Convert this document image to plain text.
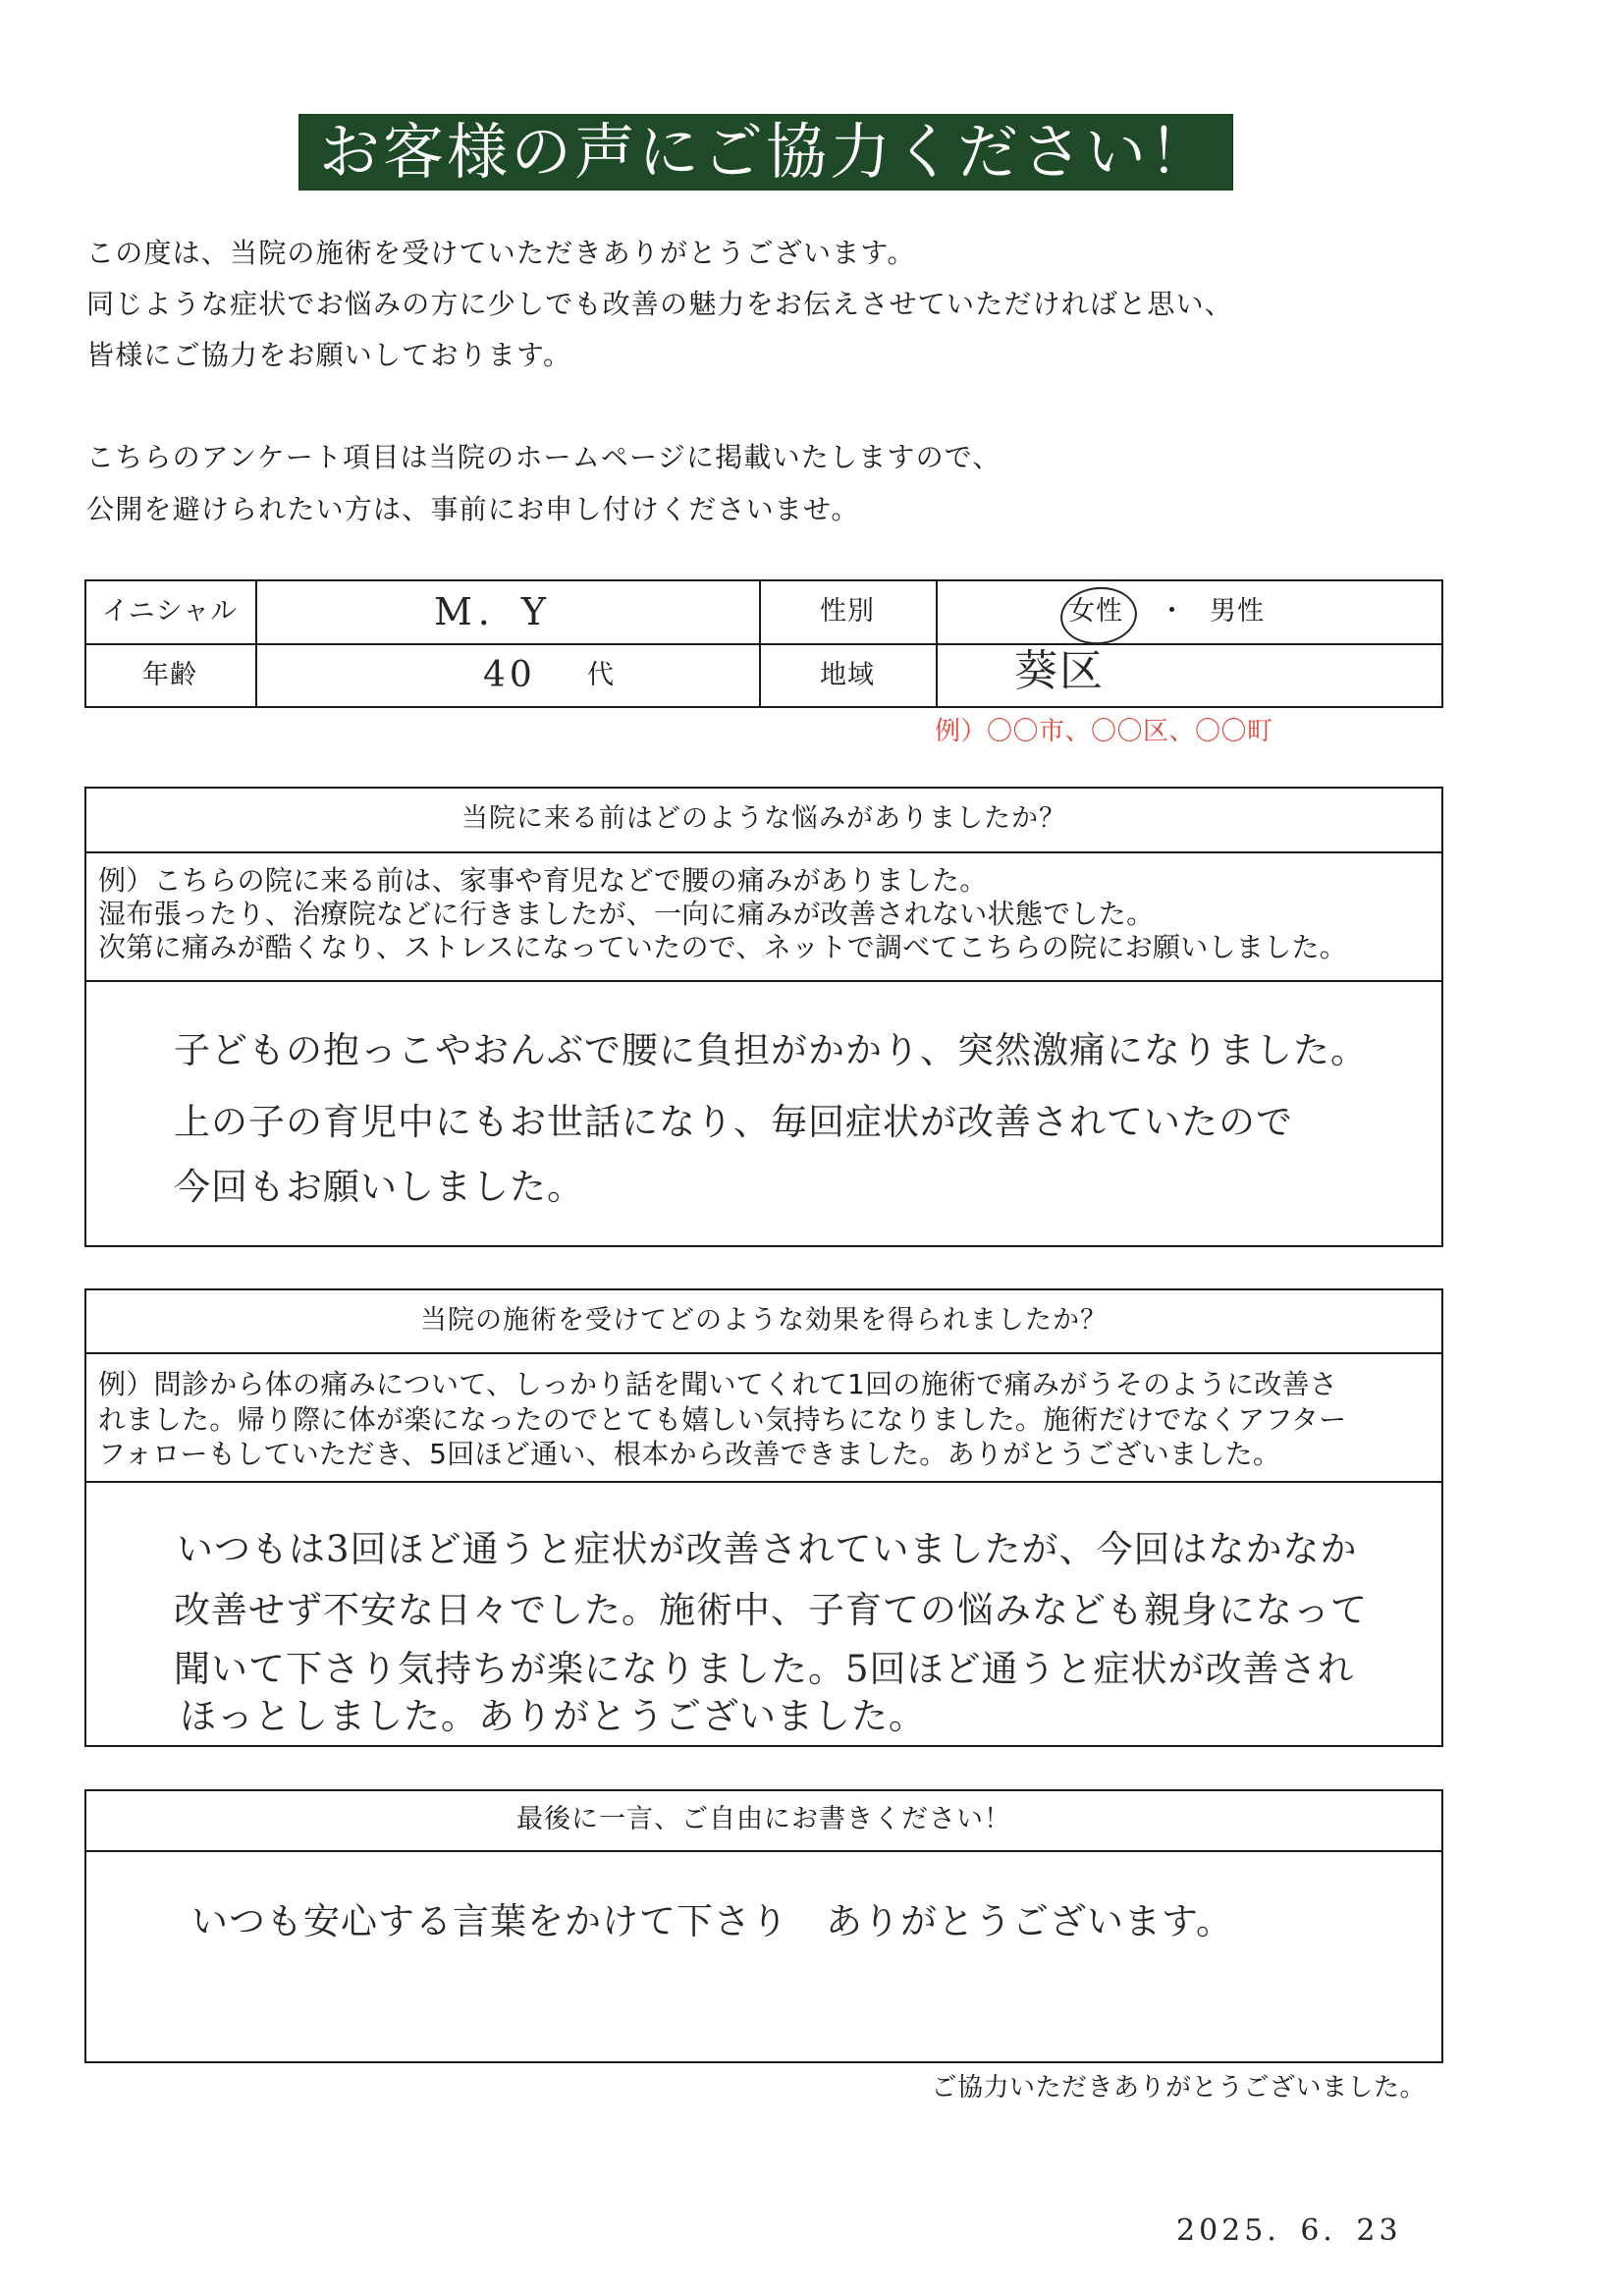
お客様の声にご協力ください！
この度は、当院の施術を受けていただきありがとうございます。
同じような症状でお悩みの方に少しでも改善の魅力をお伝えさせていただければと思い、
皆様にご協力をお願いしております。
こちらのアンケート項目は当院のホームページに掲載いたしますので、
公開を避けられたい方は、事前にお申し付けくださいませ。
イニシャル	M．Y	性別	女性 ・ 男性
年齢	40 代	地域	葵区
例）〇〇市、〇〇区、〇〇町
当院に来る前はどのような悩みがありましたか？
例）こちらの院に来る前は、家事や育児などで腰の痛みがありました。
湿布張ったり、治療院などに行きましたが、一向に痛みが改善されない状態でした。
次第に痛みが酷くなり、ストレスになっていたので、ネットで調べてこちらの院にお願いしました。
子どもの抱っこやおんぶで腰に負担がかかり、突然激痛になりました。
上の子の育児中にもお世話になり、毎回症状が改善されていたので
今回もお願いしました。
当院の施術を受けてどのような効果を得られましたか？
例）問診から体の痛みについて、しっかり話を聞いてくれて1回の施術で痛みがうそのように改善さ
れました。帰り際に体が楽になったのでとても嬉しい気持ちになりました。施術だけでなくアフター
フォローもしていただき、5回ほど通い、根本から改善できました。ありがとうございました。
いつもは3回ほど通うと症状が改善されていましたが、今回はなかなか
改善せず不安な日々でした。施術中、子育ての悩みなども親身になって
聞いて下さり気持ちが楽になりました。5回ほど通うと症状が改善され
ほっとしました。ありがとうございました。
最後に一言、ご自由にお書きください！
いつも安心する言葉をかけて下さり　ありがとうございます。
ご協力いただきありがとうございました。
2025．6．23
